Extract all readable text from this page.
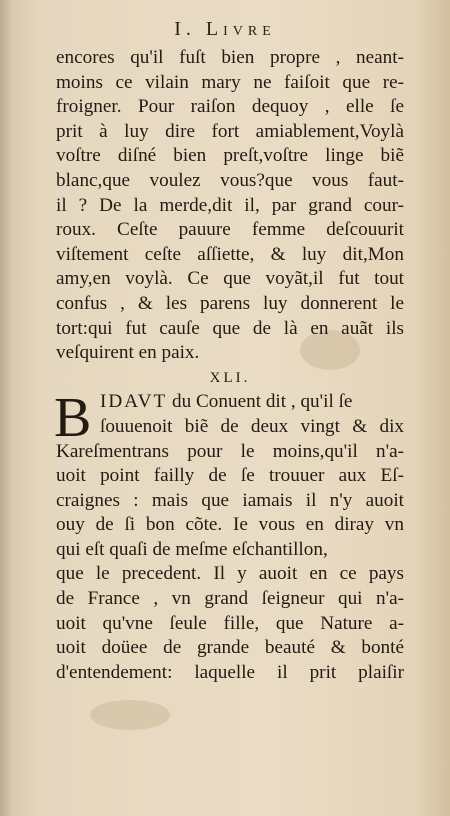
I. Livre
encores qu'il fuſt bien propre , neant-
moins ce vilain mary ne faiſoit que re-
froigner. Pour raiſon dequoy , elle ſe
prit à luy dire fort amiablement,Voylà
voſtre diſné bien preſt,voſtre linge biẽ
blanc,que voulez vous?que vous faut-
il ? De la merde,dit il, par grand cour-
roux. Ceſte pauure femme deſcouurit
viſtement ceſte aſſiette, & luy dit,Mon
amy,en voylà. Ce que voyãt,il fut tout
confus , & les parens luy donnerent le
tort:qui fut cauſe que de là en auãt ils
veſquirent en paix.
XLI.
B IDAVT du Conuent dit , qu'il ſe
ſouuenoit biẽ de deux vingt & dix
Kareſmentrans pour le moins,qu'il n'a-
uoit point failly de ſe trouuer aux Eſ-
craignes : mais que iamais il n'y auoit
ouy de ſi bon cõte. Ie vous en diray vn
qui eſt quaſi de meſme eſchantillon,
que le precedent. Il y auoit en ce pays
de France , vn grand ſeigneur qui n'a-
uoit qu'vne ſeule fille, que Nature a-
uoit doüee de grande beauté & bonté
d'entendement: laquelle il prit plaiſir
